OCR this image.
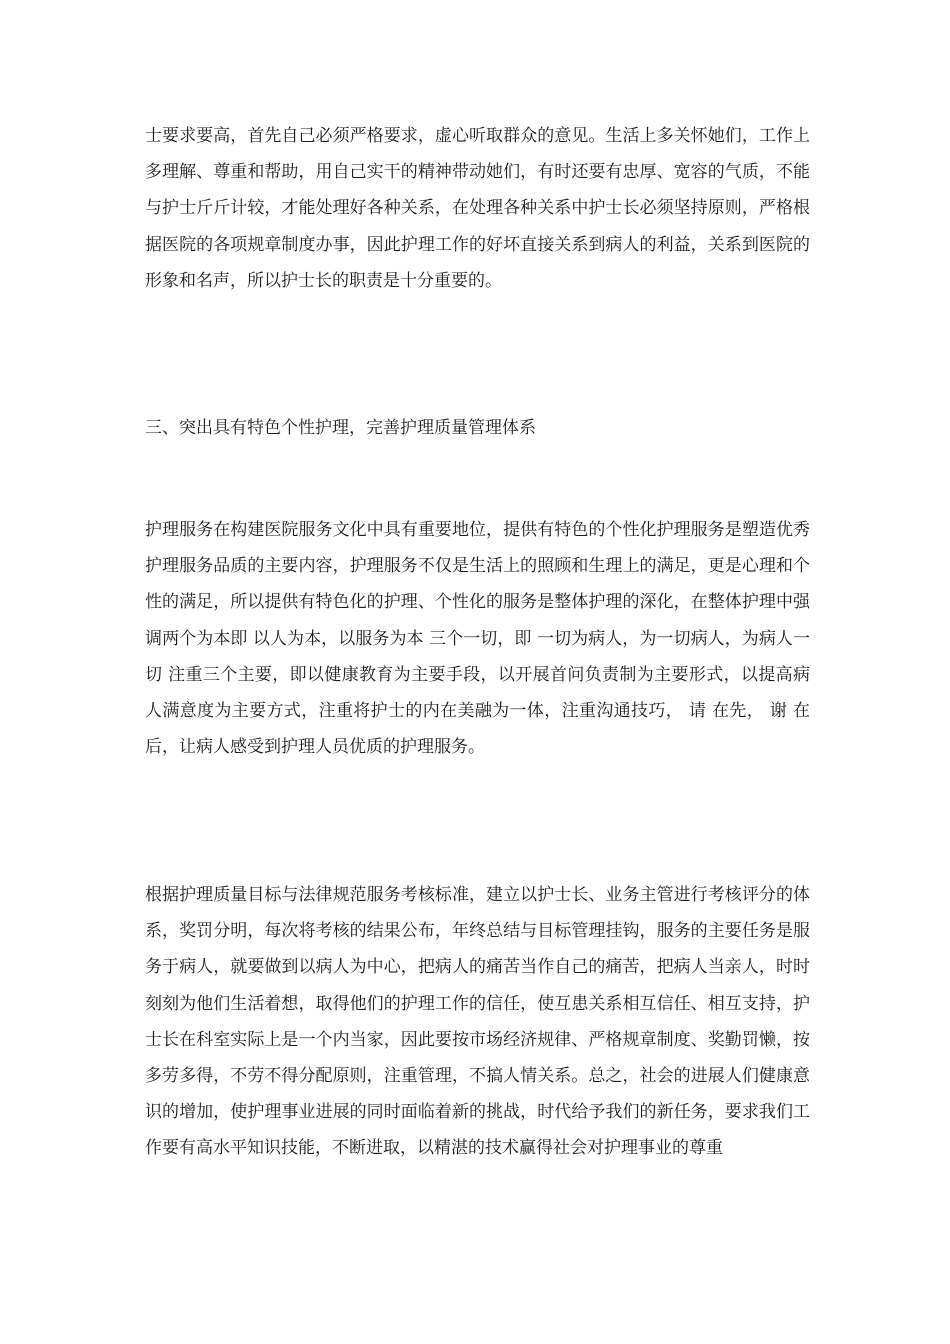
士要求要高，首先自己必须严格要求，虚心听取群众的意见。生活上多关怀她们，工作上多理解、尊重和帮助，用自己实干的精神带动她们，有时还要有忠厚、宽容的气质，不能与护士斤斤计较，才能处理好各种关系，在处理各种关系中护士长必须坚持原则，严格根据医院的各项规章制度办事，因此护理工作的好坏直接关系到病人的利益，关系到医院的形象和名声，所以护士长的职责是十分重要的。

三、突出具有特色个性护理，完善护理质量管理体系

护理服务在构建医院服务文化中具有重要地位，提供有特色的个性化护理服务是塑造优秀护理服务品质的主要内容，护理服务不仅是生活上的照顾和生理上的满足，更是心理和个性的满足，所以提供有特色化的护理、个性化的服务是整体护理的深化，在整体护理中强调两个为本即 以人为本，以服务为本 三个一切，即 一切为病人，为一切病人，为病人一切 注重三个主要，即以健康教育为主要手段，以开展首问负责制为主要形式，以提高病人满意度为主要方式，注重将护士的内在美融为一体，注重沟通技巧， 请 在先， 谢 在后，让病人感受到护理人员优质的护理服务。

根据护理质量目标与法律规范服务考核标准，建立以护士长、业务主管进行考核评分的体系，奖罚分明，每次将考核的结果公布，年终总结与目标管理挂钩，服务的主要任务是服务于病人，就要做到以病人为中心，把病人的痛苦当作自己的痛苦，把病人当亲人，时时刻刻为他们生活着想，取得他们的护理工作的信任，使互患关系相互信任、相互支持，护士长在科室实际上是一个内当家，因此要按市场经济规律、严格规章制度、奖勤罚懒，按多劳多得，不劳不得分配原则，注重管理，不搞人情关系。总之，社会的进展人们健康意识的增加，使护理事业进展的同时面临着新的挑战，时代给予我们的新任务，要求我们工作要有高水平知识技能，不断进取，以精湛的技术赢得社会对护理事业的尊重
